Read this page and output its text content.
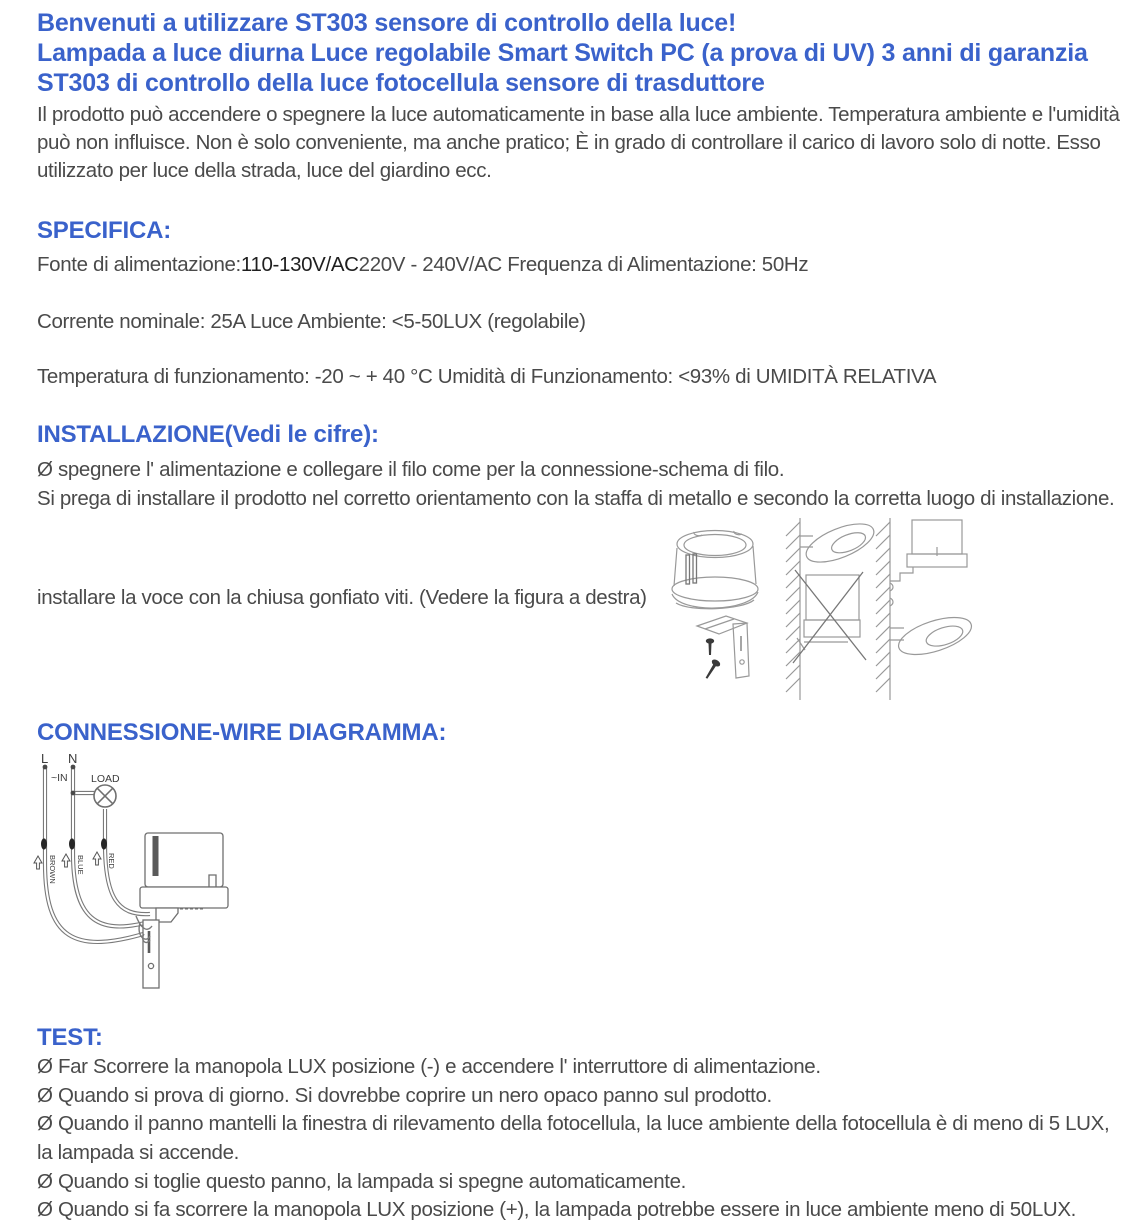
Benvenuti a utilizzare ST303 sensore di controllo della luce!
Lampada a luce diurna Luce regolabile Smart Switch PC (a prova di UV) 3 anni di garanzia
ST303 di controllo della luce fotocellula sensore di trasduttore
Il prodotto può accendere o spegnere la luce automaticamente in base alla luce ambiente. Temperatura ambiente e l'umidità
può non influisce. Non è solo conveniente, ma anche pratico; È in grado di controllare il carico di lavoro solo di notte. Esso
utilizzato per luce della strada, luce del giardino ecc.
SPECIFICA:
Fonte di alimentazione:110-130V/AC220V - 240V/AC Frequenza di Alimentazione: 50Hz
Corrente nominale: 25A Luce Ambiente: <5-50LUX (regolabile)
Temperatura di funzionamento: -20 ~ + 40 °C Umidità di Funzionamento: <93% di UMIDITÀ RELATIVA
INSTALLAZIONE(Vedi le cifre):
Ø spegnere l' alimentazione e collegare il filo come per la connessione-schema di filo.
Si prega di installare il prodotto nel corretto orientamento con la staffa di metallo e secondo la corretta luogo di installazione.
installare la voce con la chiusa gonfiato viti. (Vedere la figura a destra)
CONNESSIONE-WIRE DIAGRAMMA:
L N
~IN LOAD
BROWN	BLUE	RED
TEST:
Ø Far Scorrere la manopola LUX posizione (-) e accendere l' interruttore di alimentazione.
Ø Quando si prova di giorno. Si dovrebbe coprire un nero opaco panno sul prodotto.
Ø Quando il panno mantelli la finestra di rilevamento della fotocellula, la luce ambiente della fotocellula è di meno di 5 LUX,
la lampada si accende.
Ø Quando si toglie questo panno, la lampada si spegne automaticamente.
Ø Quando si fa scorrere la manopola LUX posizione (+), la lampada potrebbe essere in luce ambiente meno di 50LUX.
